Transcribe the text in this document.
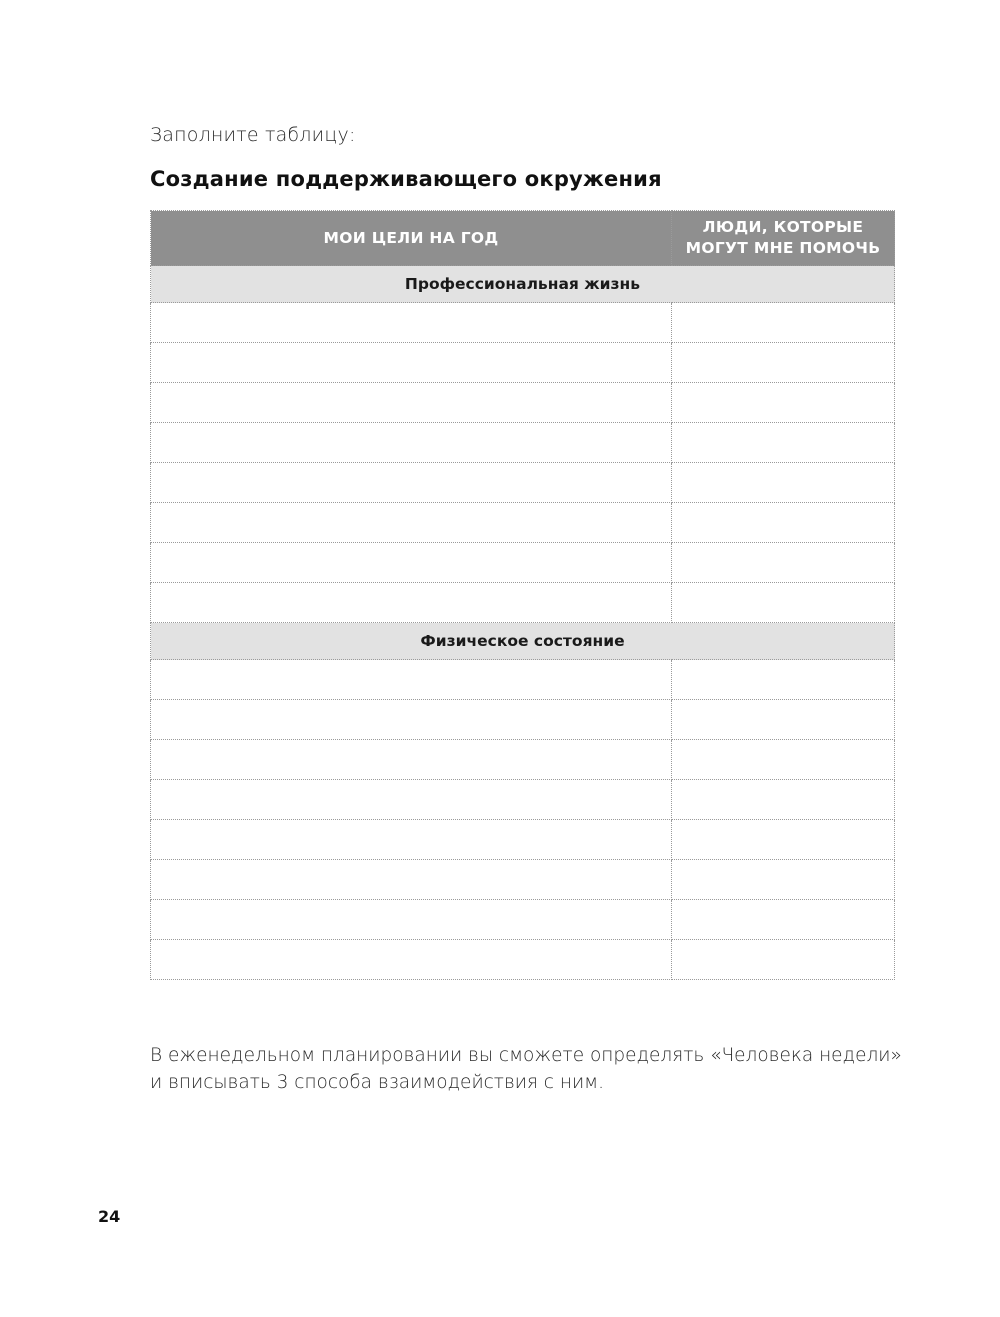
Заполните таблицу:
Создание поддерживающего окружения
МОИ ЦЕЛИ НА ГОД	ЛЮДИ, КОТОРЫЕ
МОГУТ МНЕ ПОМОЧЬ
Профессиональная жизнь	

Физическое состояние	

В еженедельном планировании вы сможете определять «Человека недели»
и вписывать 3 способа взаимодействия с ним.
24
